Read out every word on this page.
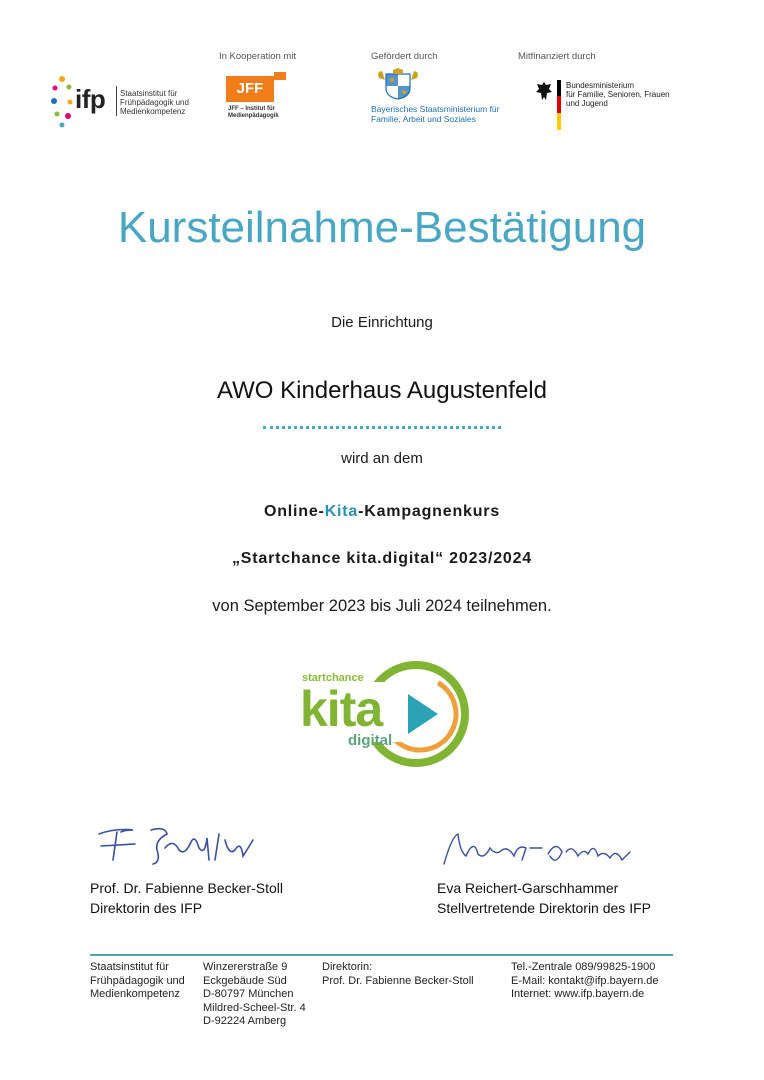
ifp Staatsinstitut für
Frühpädagogik und
Medienkompetenz
In Kooperation mit
JFF
JFF – Institut für
Medienpädagogik
Gefördert durch
Bayerisches Staatsministerium für
Familie, Arbeit und Soziales
Mitfinanziert durch
Bundesministerium
für Familie, Senioren, Frauen
und Jugend
Kursteilnahme-Bestätigung
Die Einrichtung
AWO Kinderhaus Augustenfeld
wird an dem
Online-Kita-Kampagnenkurs
„Startchance kita.digital“ 2023/2024
von September 2023 bis Juli 2024 teilnehmen.
startchance
kita
digital
Prof. Dr. Fabienne Becker-Stoll
Direktorin des IFP
Eva Reichert-Garschhammer
Stellvertretende Direktorin des IFP
Staatsinstitut für
Frühpädagogik und
Medienkompetenz
Winzererstraße 9
Eckgebäude Süd
D-80797 München
Mildred-Scheel-Str. 4
D-92224 Amberg
Direktorin:
Prof. Dr. Fabienne Becker-Stoll
Tel.-Zentrale 089/99825-1900
E-Mail: kontakt@ifp.bayern.de
Internet: www.ifp.bayern.de
